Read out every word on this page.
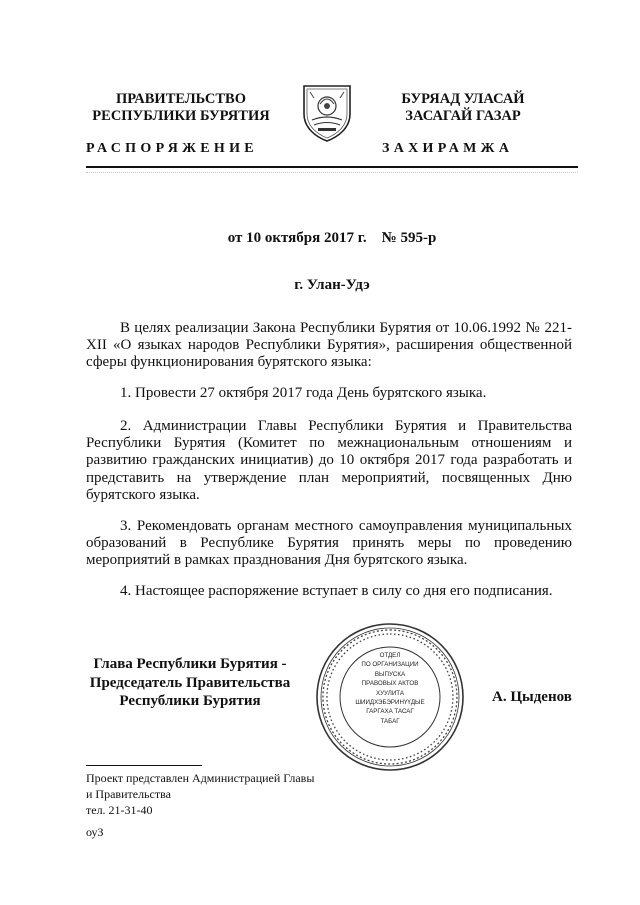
ПРАВИТЕЛЬСТВО
РЕСПУБЛИКИ БУРЯТИЯ
БУРЯАД УЛАСАЙ
ЗАСАГАЙ ГАЗАР
РАСПОРЯЖЕНИЕ	ЗАХИРАМЖА
от 10 октября 2017 г.    № 595-р
г. Улан-Удэ
В целях реализации Закона Республики Бурятия от 10.06.1992 № 221-XII «О языках народов Республики Бурятия», расширения общественной сферы функционирования бурятского языка:
1. Провести 27 октября 2017 года День бурятского языка.
2. Администрации Главы Республики Бурятия и Правительства Республики Бурятия (Комитет по межнациональным отношениям и развитию гражданских инициатив) до 10 октября 2017 года разработать и представить на утверждение план мероприятий, посвященных Дню бурятского языка.
3. Рекомендовать органам местного самоуправления муниципальных образований в Республике Бурятия принять меры по проведению мероприятий в рамках празднования Дня бурятского языка.
4. Настоящее распоряжение вступает в силу со дня его подписания.
Глава Республики Бурятия -
Председатель Правительства
Республики Бурятия	А. Цыденов
ОТДЕЛ
ПО ОРГАНИЗАЦИИ
ВЫПУСКА
ПРАВОВЫХ АКТОВ
ХУУЛИТА
ШИИДХЭБЭРИНҮҮДЫЕ
ГАРГАХА ТАСАГ
ТАБАГ
Проект представлен Администрацией Главы
и Правительства
тел. 21-31-40
оуЗ
